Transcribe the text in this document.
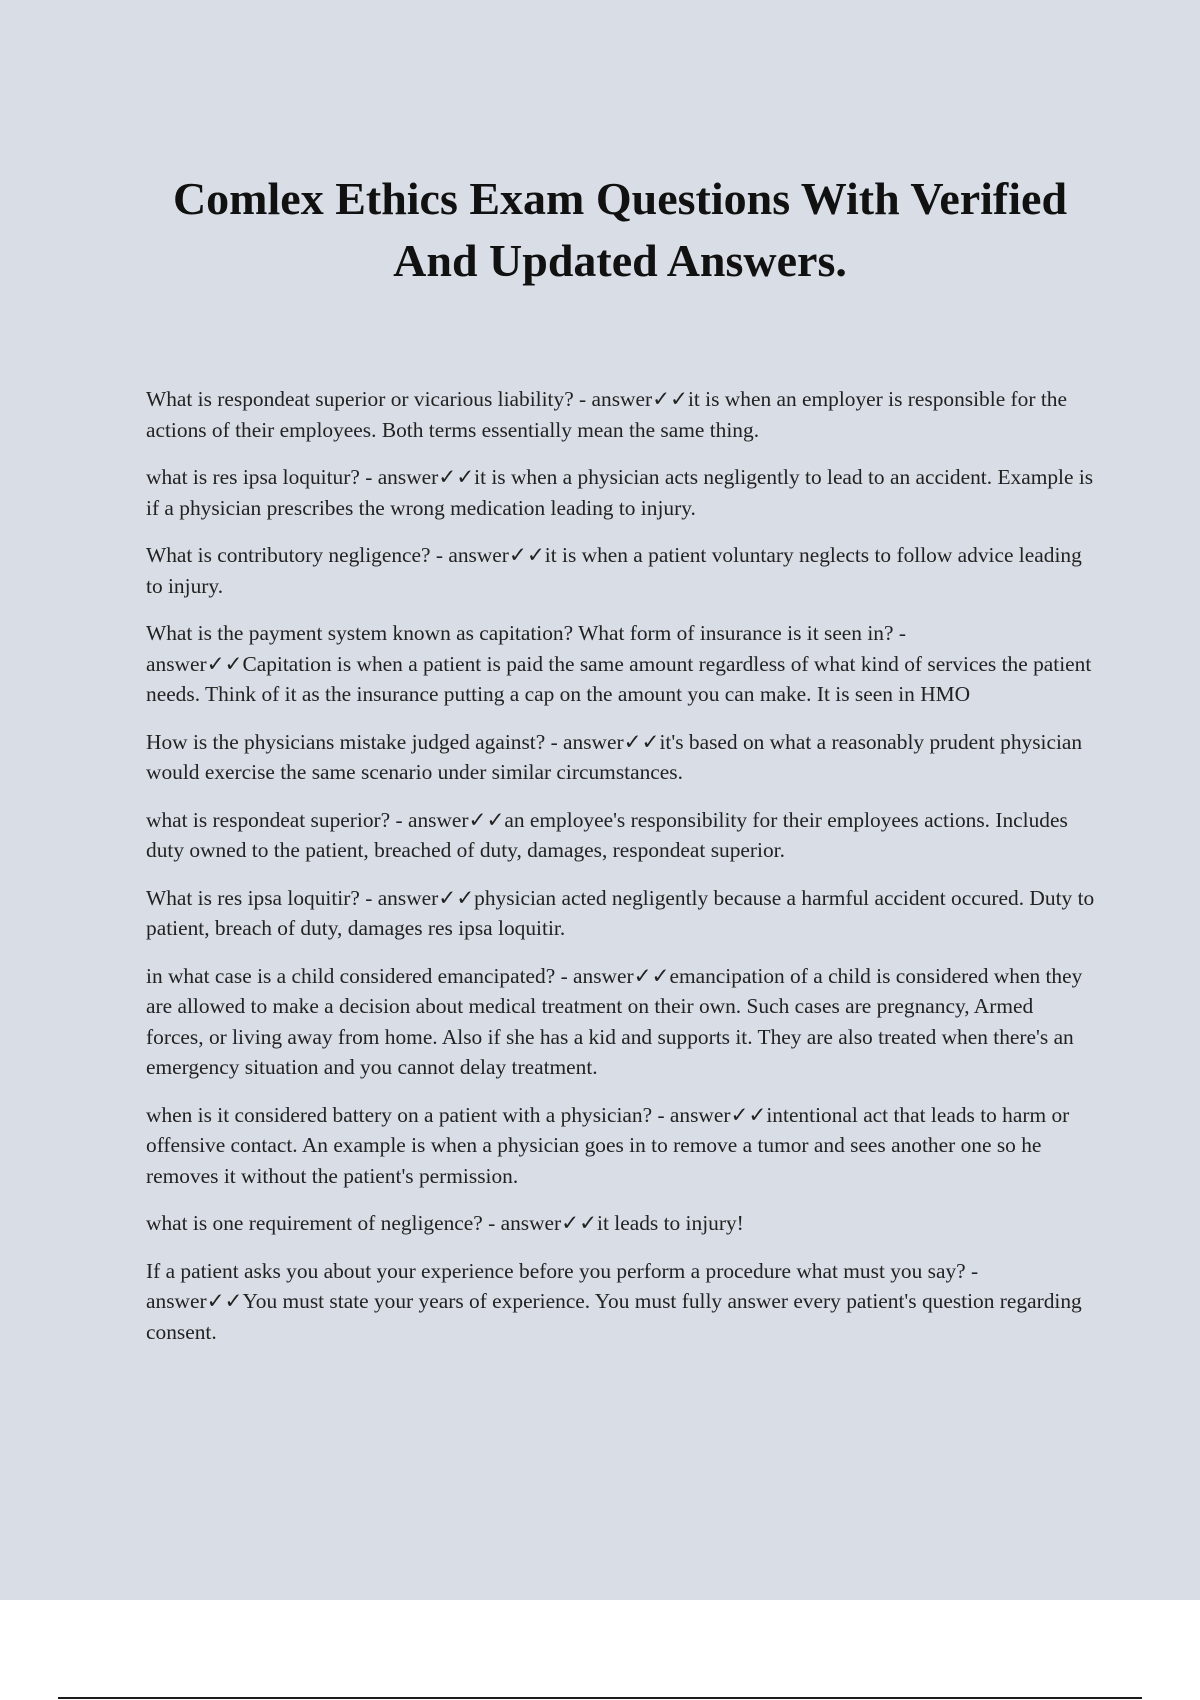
Comlex Ethics Exam Questions With Verified And Updated Answers.

What is respondeat superior or vicarious liability? - answer✓✓it is when an employer is responsible for the actions of their employees. Both terms essentially mean the same thing.

what is res ipsa loquitur? - answer✓✓it is when a physician acts negligently to lead to an accident. Example is if a physician prescribes the wrong medication leading to injury.

What is contributory negligence? - answer✓✓it is when a patient voluntary neglects to follow advice leading to injury.

What is the payment system known as capitation? What form of insurance is it seen in? - answer✓✓Capitation is when a patient is paid the same amount regardless of what kind of services the patient needs. Think of it as the insurance putting a cap on the amount you can make. It is seen in HMO

How is the physicians mistake judged against? - answer✓✓it's based on what a reasonably prudent physician would exercise the same scenario under similar circumstances.

what is respondeat superior? - answer✓✓an employee's responsibility for their employees actions. Includes duty owned to the patient, breached of duty, damages, respondeat superior.

What is res ipsa loquitir? - answer✓✓physician acted negligently because a harmful accident occured. Duty to patient, breach of duty, damages res ipsa loquitir.

in what case is a child considered emancipated? - answer✓✓emancipation of a child is considered when they are allowed to make a decision about medical treatment on their own. Such cases are pregnancy, Armed forces, or living away from home. Also if she has a kid and supports it. They are also treated when there's an emergency situation and you cannot delay treatment.

when is it considered battery on a patient with a physician? - answer✓✓intentional act that leads to harm or offensive contact. An example is when a physician goes in to remove a tumor and sees another one so he removes it without the patient's permission.

what is one requirement of negligence? - answer✓✓it leads to injury!

If a patient asks you about your experience before you perform a procedure what must you say? - answer✓✓You must state your years of experience. You must fully answer every patient's question regarding consent.
